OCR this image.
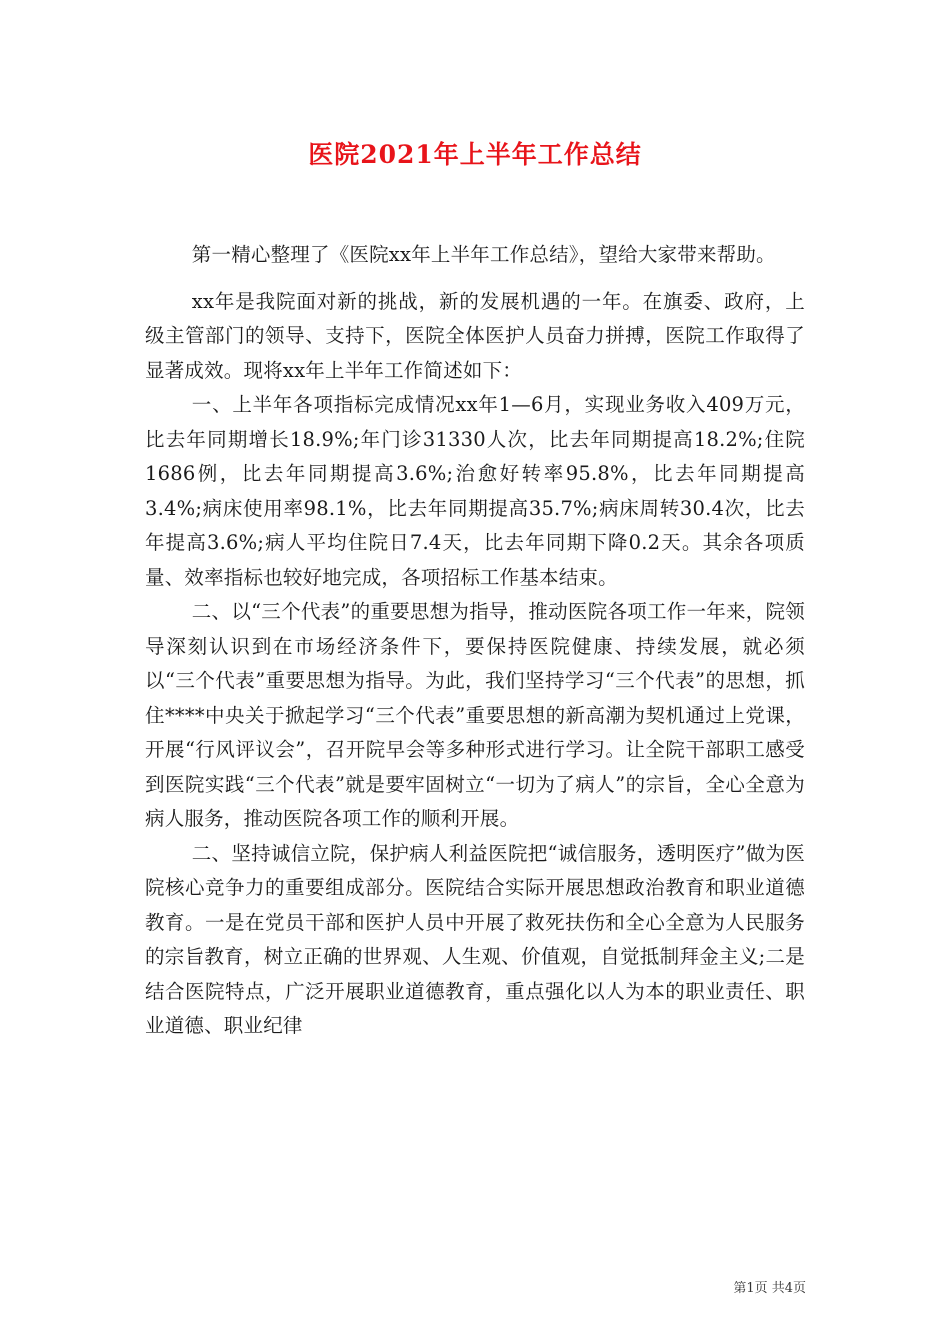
医院2021年上半年工作总结

第一精心整理了《医院xx年上半年工作总结》，望给大家带来帮助。

xx年是我院面对新的挑战，新的发展机遇的一年。在旗委、政府，上级主管部门的领导、支持下，医院全体医护人员奋力拼搏，医院工作取得了显著成效。现将xx年上半年工作简述如下：

一、上半年各项指标完成情况xx年1—6月，实现业务收入409万元，比去年同期增长18.9%;年门诊31330人次，比去年同期提高18.2%;住院1686例，比去年同期提高3.6%;治愈好转率95.8%，比去年同期提高3.4%;病床使用率98.1%，比去年同期提高35.7%;病床周转30.4次，比去年提高3.6%;病人平均住院日7.4天，比去年同期下降0.2天。其余各项质量、效率指标也较好地完成，各项招标工作基本结束。

二、以“三个代表”的重要思想为指导，推动医院各项工作一年来，院领导深刻认识到在市场经济条件下，要保持医院健康、持续发展，就必须以“三个代表”重要思想为指导。为此，我们坚持学习“三个代表”的思想，抓住****中央关于掀起学习“三个代表”重要思想的新高潮为契机通过上党课，开展“行风评议会”，召开院早会等多种形式进行学习。让全院干部职工感受到医院实践“三个代表”就是要牢固树立“一切为了病人”的宗旨，全心全意为病人服务，推动医院各项工作的顺利开展。

二、坚持诚信立院，保护病人利益医院把“诚信服务，透明医疗”做为医院核心竞争力的重要组成部分。医院结合实际开展思想政治教育和职业道德教育。一是在党员干部和医护人员中开展了救死扶伤和全心全意为人民服务的宗旨教育，树立正确的世界观、人生观、价值观，自觉抵制拜金主义;二是结合医院特点，广泛开展职业道德教育，重点强化以人为本的职业责任、职业道德、职业纪律

第1页 共4页
